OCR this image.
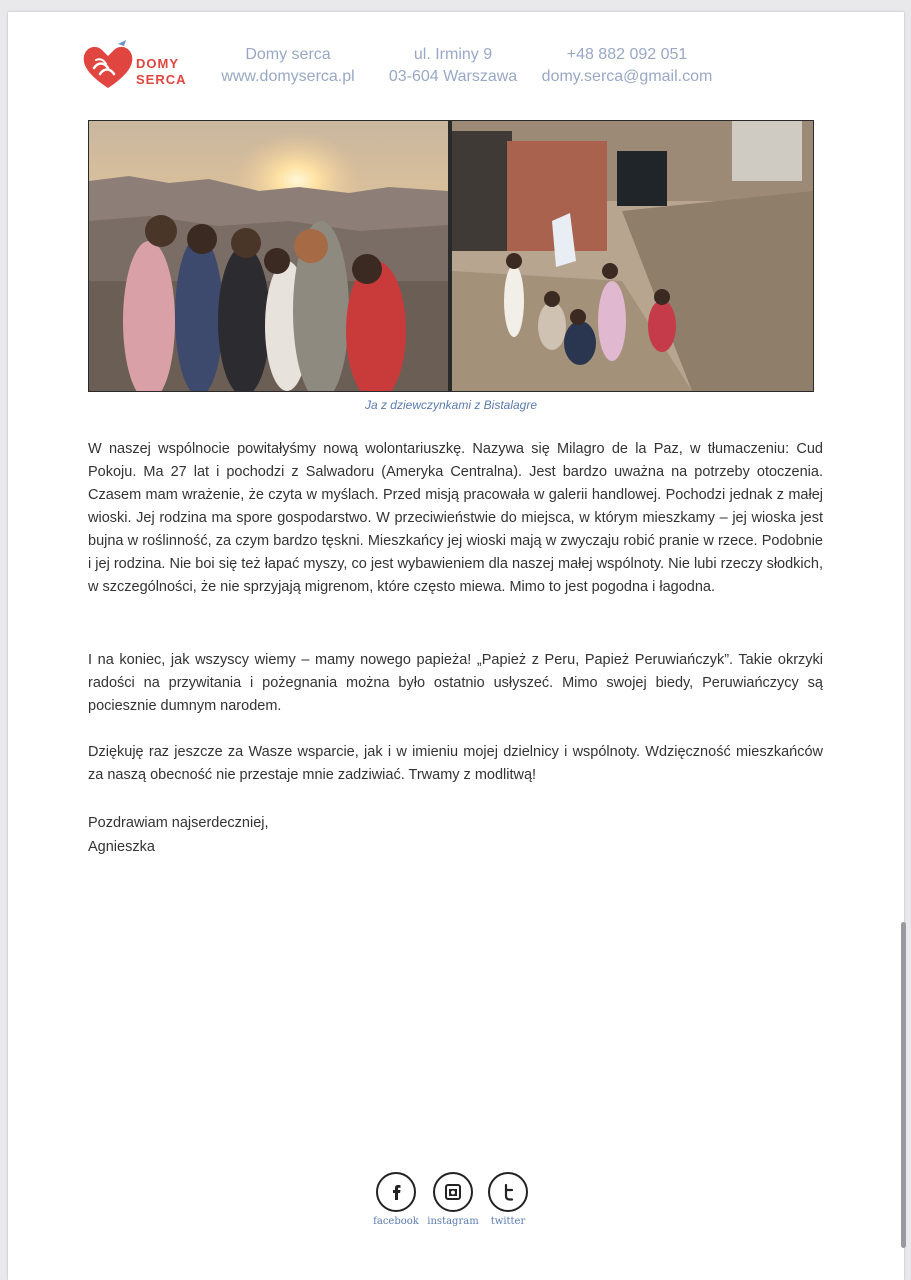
DOMY
SERCA
Domy serca
www.domyserca.pl
ul. Irminy 9
03-604 Warszawa
+48 882 092 051
domy.serca@gmail.com
Ja z dziewczynkami z Bistalagre

W naszej wspólnocie powitałyśmy nową wolontariuszkę. Nazywa się Milagro de la Paz, w tłumaczeniu: Cud Pokoju. Ma 27 lat i pochodzi z Salwadoru (Ameryka Centralna). Jest bardzo uważna na potrzeby otoczenia. Czasem mam wrażenie, że czyta w myślach. Przed misją pracowała w galerii handlowej. Pochodzi jednak z małej wioski. Jej rodzina ma spore gospodarstwo. W przeciwieństwie do miejsca, w którym mieszkamy – jej wioska jest bujna w roślinność, za czym bardzo tęskni. Mieszkańcy jej wioski mają w zwyczaju robić pranie w rzece. Podobnie i jej rodzina. Nie boi się też łapać myszy, co jest wybawieniem dla naszej małej wspólnoty. Nie lubi rzeczy słodkich, w szczególności, że nie sprzyjają migrenom, które często miewa. Mimo to jest pogodna i łagodna.

I na koniec, jak wszyscy wiemy – mamy nowego papieża! „Papież z Peru, Papież Peruwiańczyk”. Takie okrzyki radości na przywitania i pożegnania można było ostatnio usłyszeć. Mimo swojej biedy, Peruwiańczycy są pociesznie dumnym narodem.

Dziękuję raz jeszcze za Wasze wsparcie, jak i w imieniu mojej dzielnicy i wspólnoty. Wdzięczność mieszkańców za naszą obecność nie przestaje mnie zadziwiać. Trwamy z modlitwą!

Pozdrawiam najserdeczniej,
Agnieszka
facebook instagram	twitter
